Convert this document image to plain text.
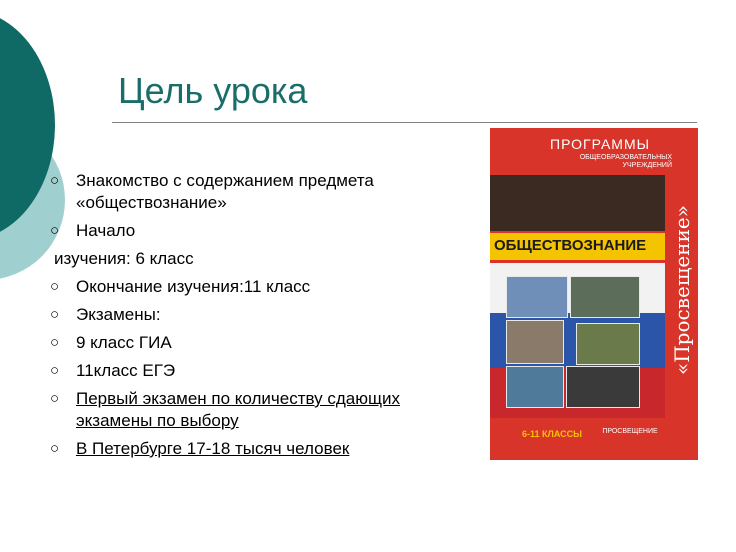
Цель урока
○ Знакомство с содержанием предмета «обществознание»
○ Начало
изучения: 6 класс
○ Окончание изучения:11 класс
○ Экзамены:
○ 9 класс ГИА
○ 11класс ЕГЭ
○ Первый экзамен по количеству сдающих экзамены по выбору
○ В Петербурге 17-18 тысяч человек
ПРОГРАММЫ
ОБЩЕОБРАЗОВАТЕЛЬНЫХ УЧРЕЖДЕНИЙ
ОБЩЕСТВОЗНАНИЕ «Просвещение»
6-11 КЛАССЫ	ПРОСВЕЩЕНИЕ
